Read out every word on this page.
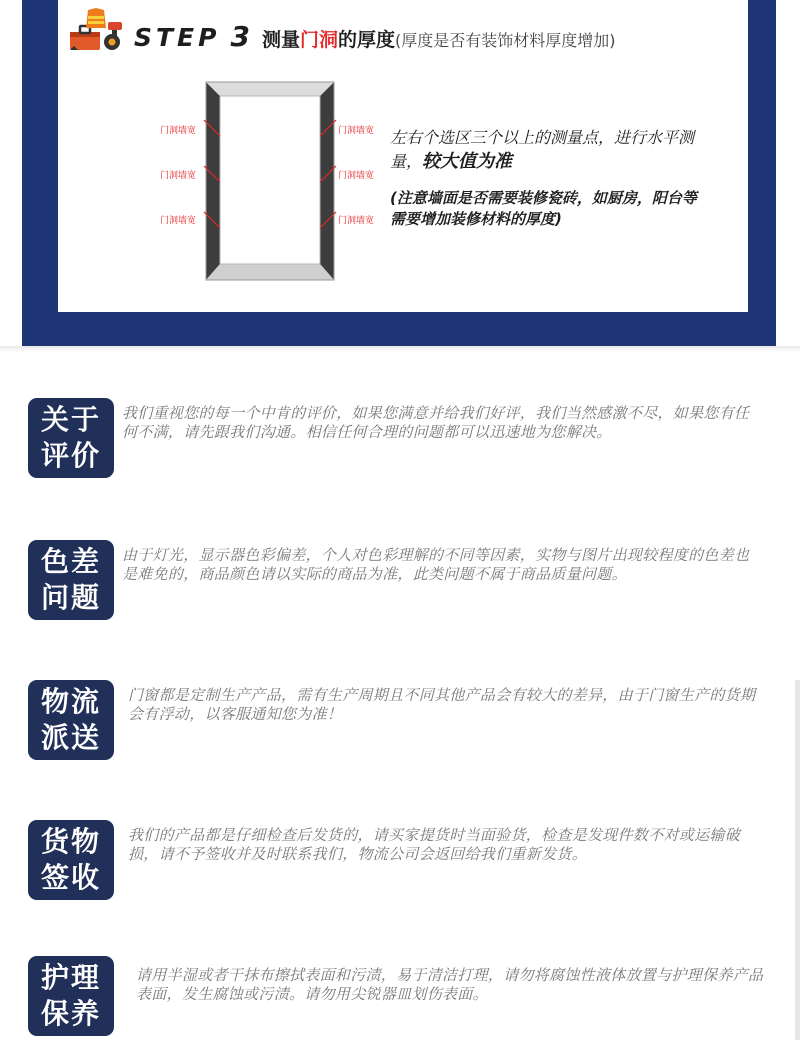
STEP 3 测量 门洞 的厚度 (厚度是否有装饰材料厚度增加)
门洞墙宽
门洞墙宽
门洞墙宽
门洞墙宽
门洞墙宽
门洞墙宽
左右个选区三个以上的测量点，进行水平测量，较大值为准
(注意墙面是否需要装修瓷砖，如厨房，阳台等需要增加装修材料的厚度)
关于
评价
我们重视您的每一个中肯的评价，如果您满意并给我们好评，我们当然感激不尽，如果您有任何不满，请先跟我们沟通。相信任何合理的问题都可以迅速地为您解决。
色差
问题
由于灯光，显示器色彩偏差，个人对色彩理解的不同等因素，实物与图片出现较程度的色差也是难免的，商品颜色请以实际的商品为准，此类问题不属于商品质量问题。
物流
派送
门窗都是定制生产产品，需有生产周期且不同其他产品会有较大的差异，由于门窗生产的货期会有浮动，以客服通知您为准！
货物
签收
我们的产品都是仔细检查后发货的，请买家提货时当面验货，检查是发现件数不对或运输破损，请不予签收并及时联系我们，物流公司会返回给我们重新发货。
护理
保养
请用半湿或者干抹布擦拭表面和污渍，易于清洁打理，请勿将腐蚀性液体放置与护理保养产品表面，发生腐蚀或污渍。请勿用尖锐器皿划伤表面。
